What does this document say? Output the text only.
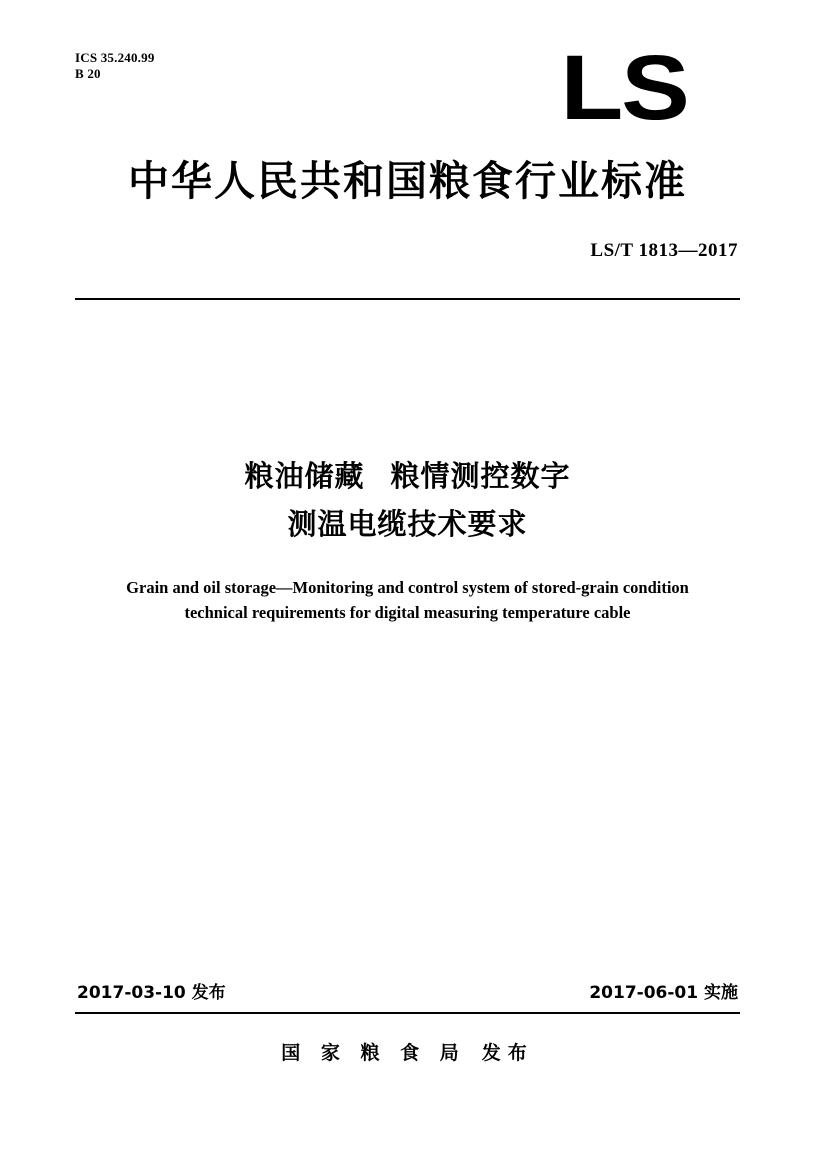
ICS 35.240.99
B 20	LS
中华人民共和国粮食行业标准
LS/T 1813—2017
粮油储藏 粮情测控数字
测温电缆技术要求
Grain and oil storage—Monitoring and control system of stored-grain condition
technical requirements for digital measuring temperature cable
2017-03-10 发布	2017-06-01 实施
国 家 粮 食 局 发布
